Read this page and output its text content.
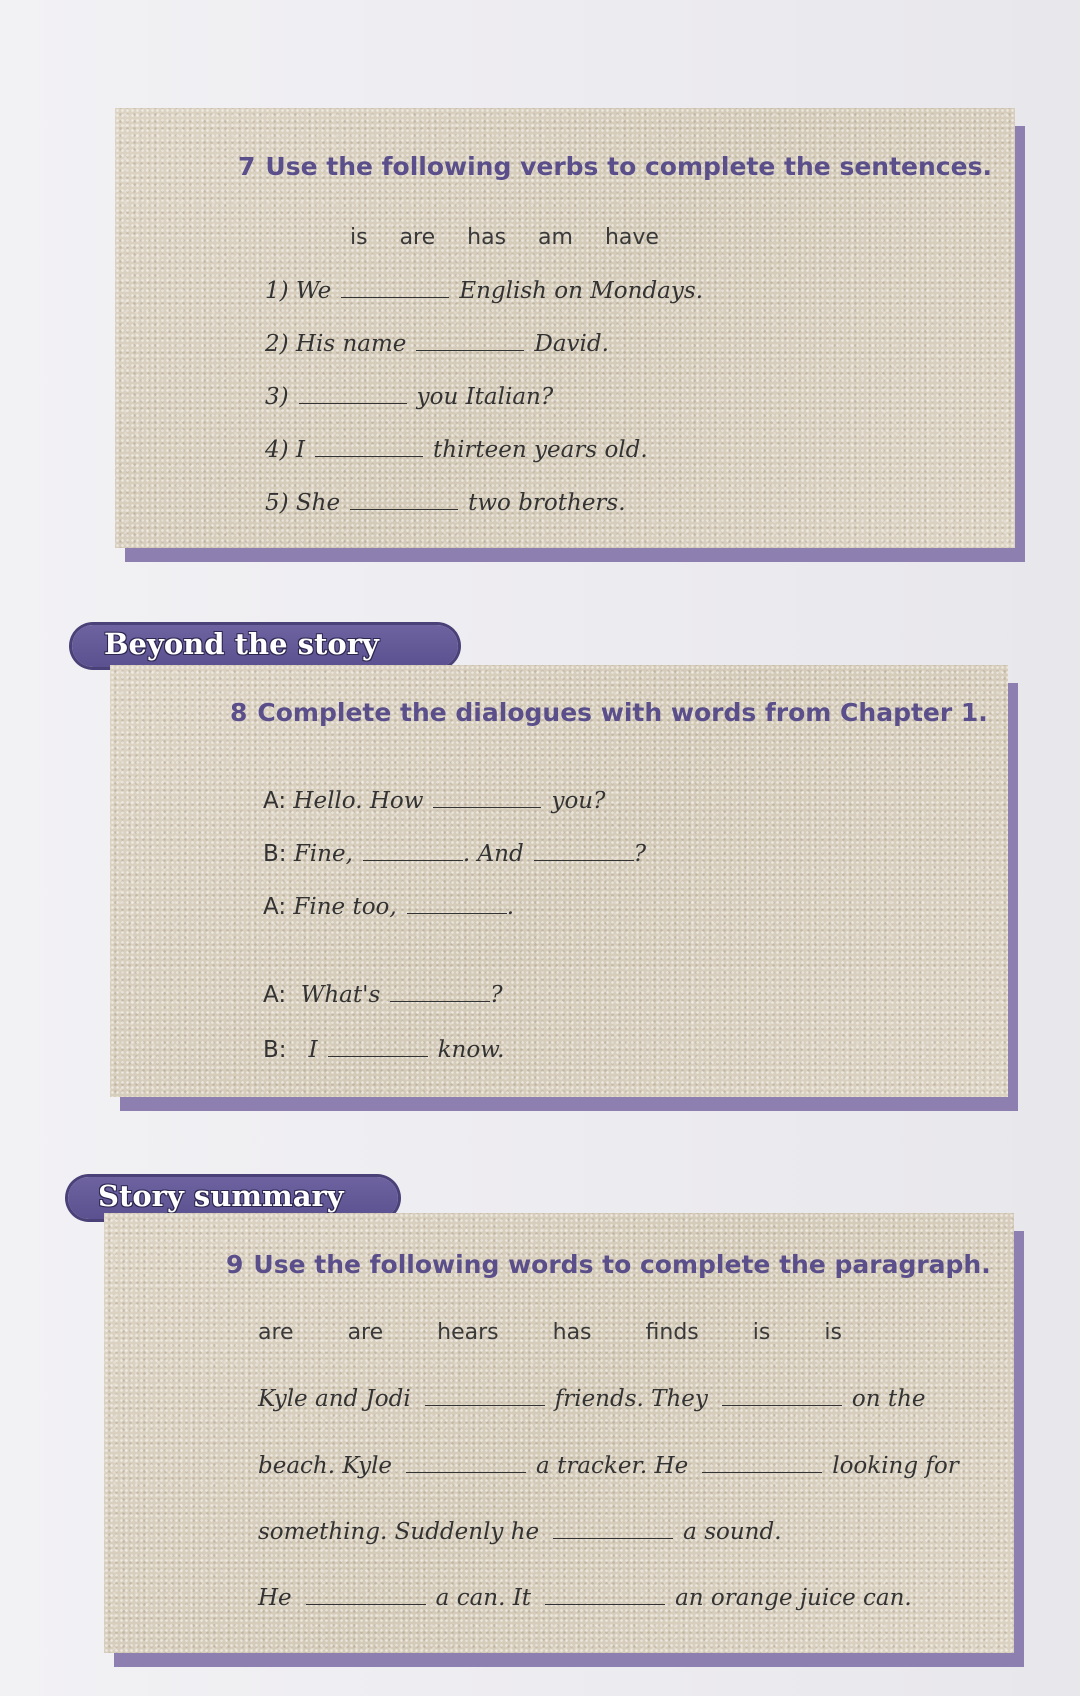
7 Use the following verbs to complete the sentences.
is are has am have
1) We	English on Mondays.
2) His name	David.
3)	you Italian?
4) I	thirteen years old.
5) She	two brothers.
Beyond the story
8 Complete the dialogues with words from Chapter 1.
A: Hello. How	you?
B: Fine,	. And	?
A: Fine too,	.
A: What's	?
B: I	know.
Story summary
9 Use the following words to complete the paragraph.
are are hears has finds is is
Kyle and Jodi	friends. They	on the
beach. Kyle	a tracker. He	looking for
something. Suddenly he	a sound.
He	a can. It	an orange juice can.
